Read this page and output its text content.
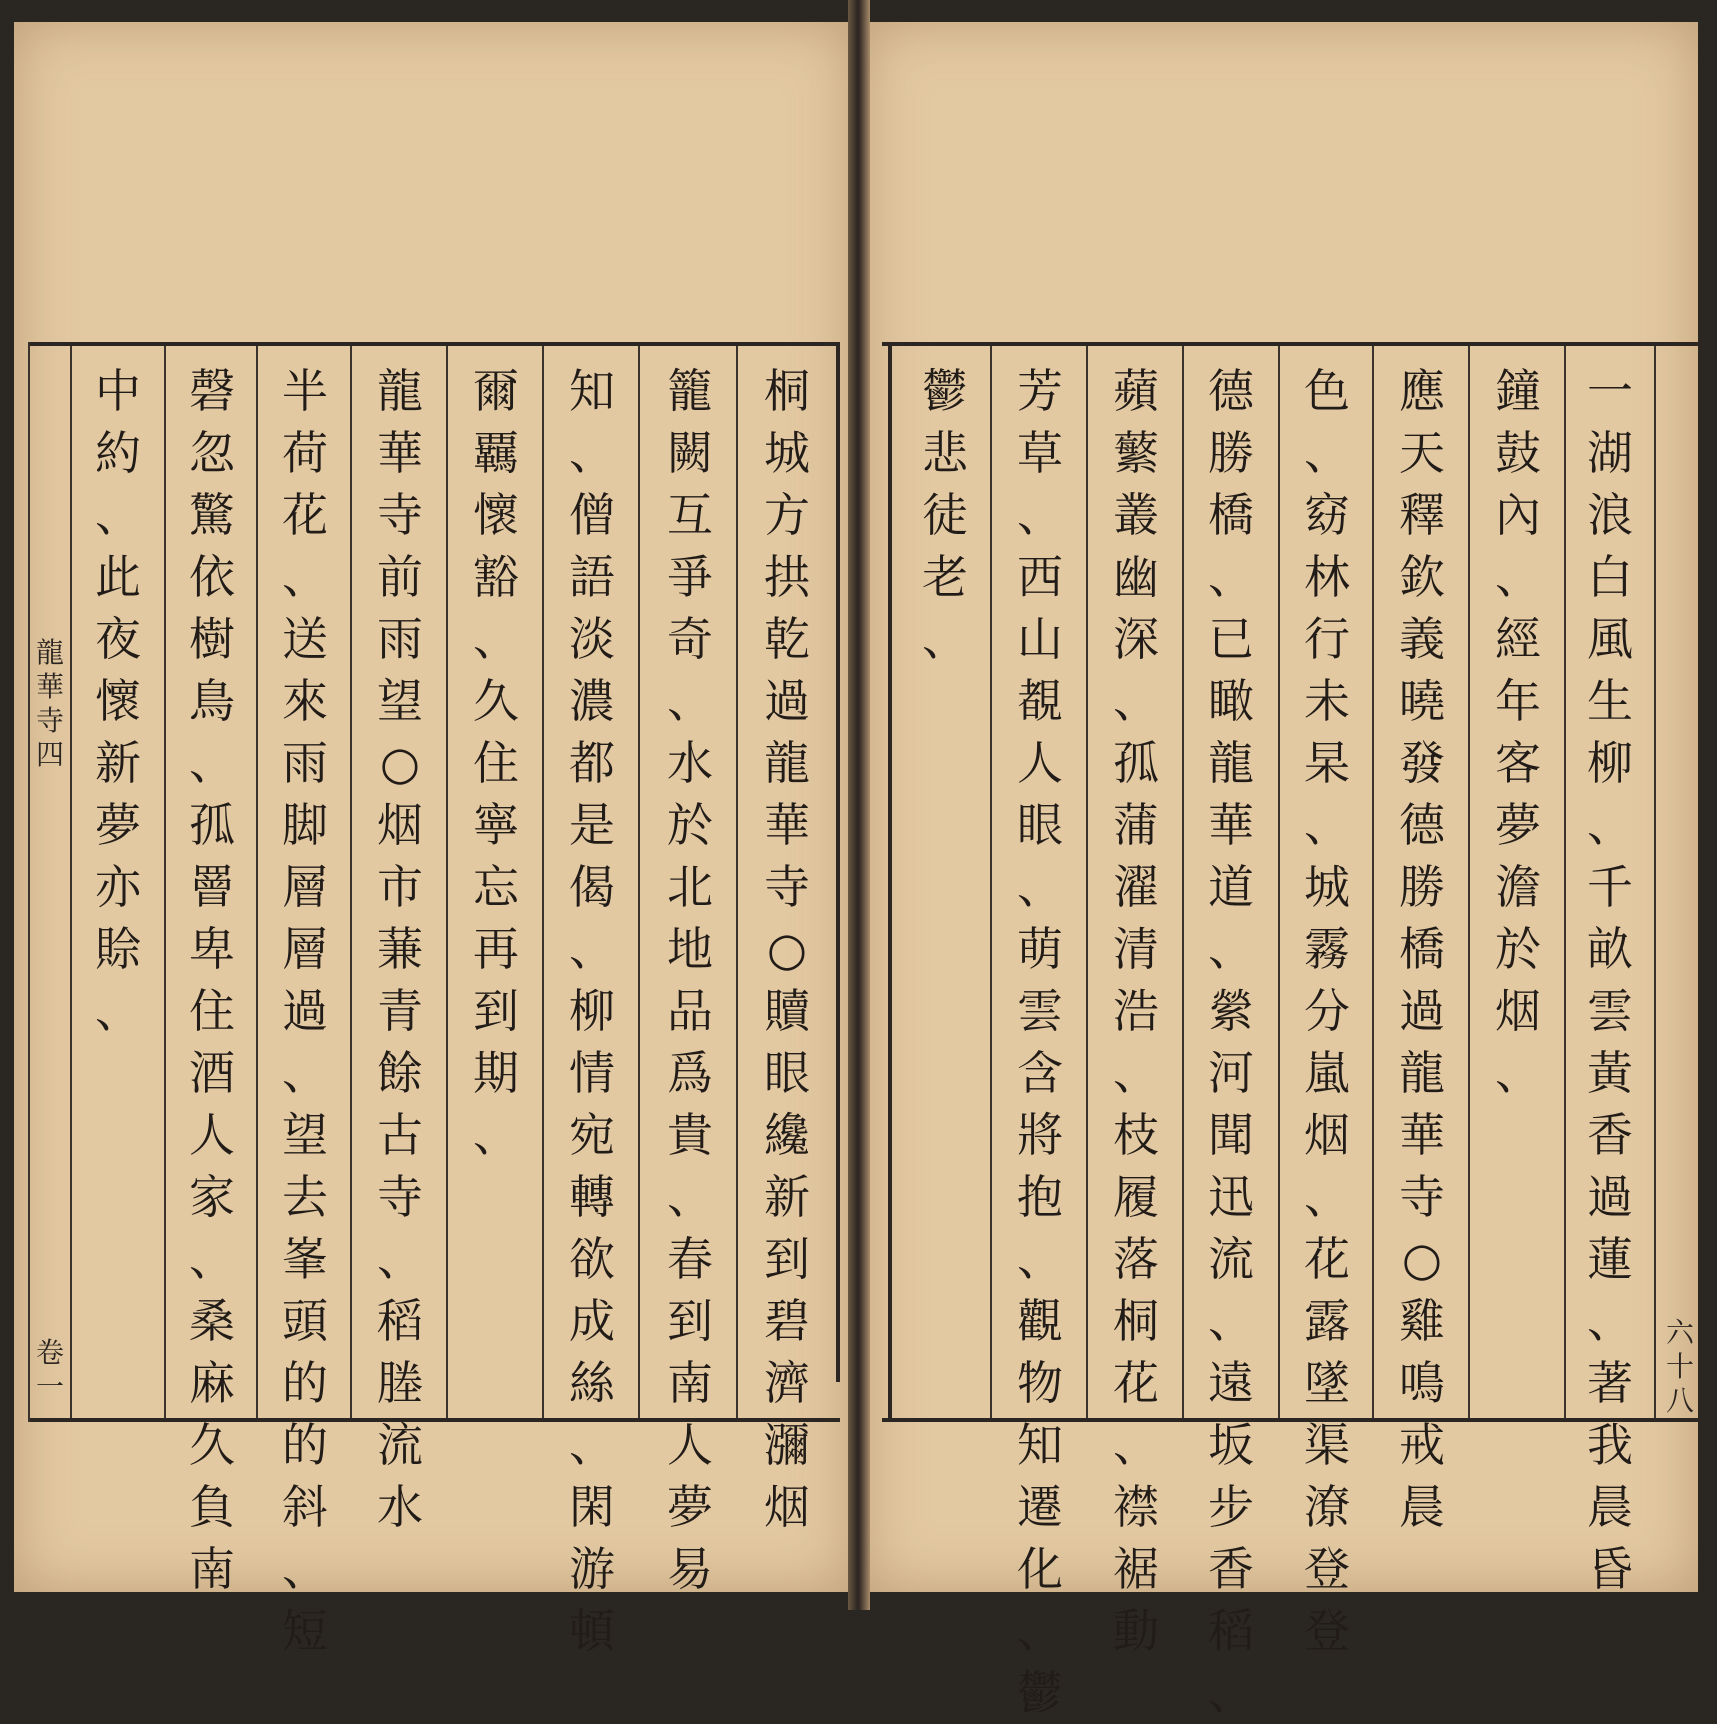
龍
華
寺
四
卷
一
桐
城
方
拱
乾
過
龍
華
寺
○
贖
眼
纔
新
到
碧
濟
瀰
烟
籠
闕
互
爭
奇
、
水
於
北
地
品
爲
貴
、
春
到
南
人
夢
易
知
、
僧
語
淡
濃
都
是
偈
、
柳
情
宛
轉
欲
成
絲
、
閑
游
頓
爾
覊
懷
豁
、
久
住
寧
忘
再
到
期
、
龍
華
寺
前
雨
望
○
烟
市
蒹
青
餘
古
寺
、
稻
塍
流
水
半
荷
花
、
送
來
雨
脚
層
層
過
、
望
去
峯
頭
的
的
斜
、
短
磬
忽
驚
依
樹
鳥
、
孤
罾
卑
住
酒
人
家
、
桑
麻
久
負
南
中
約
、
此
夜
懷
新
夢
亦
賒
、
六
十
八
一
湖
浪
白
風
生
柳
、
千
畝
雲
黃
香
過
蓮
、
著
我
晨
昏
鐘
鼓
內
、
經
年
客
夢
澹
於
烟
、
應
天
釋
欽
義
曉
發
德
勝
橋
過
龍
華
寺
○
雞
鳴
戒
晨
色
、
窈
林
行
未
杲
、
城
霧
分
嵐
烟
、
花
露
墜
渠
潦
登
登
德
勝
橋
、
已
瞰
龍
華
道
、
縈
河
聞
迅
流
、
遠
坂
步
香
稻
、
蘋
蘩
叢
幽
深
、
孤
蒲
濯
清
浩
、
枝
履
落
桐
花
、
襟
裾
動
芳
草
、
西
山
覩
人
眼
、
萌
雲
含
將
抱
、
觀
物
知
遷
化
、
鬱
鬱
悲
徒
老
、
